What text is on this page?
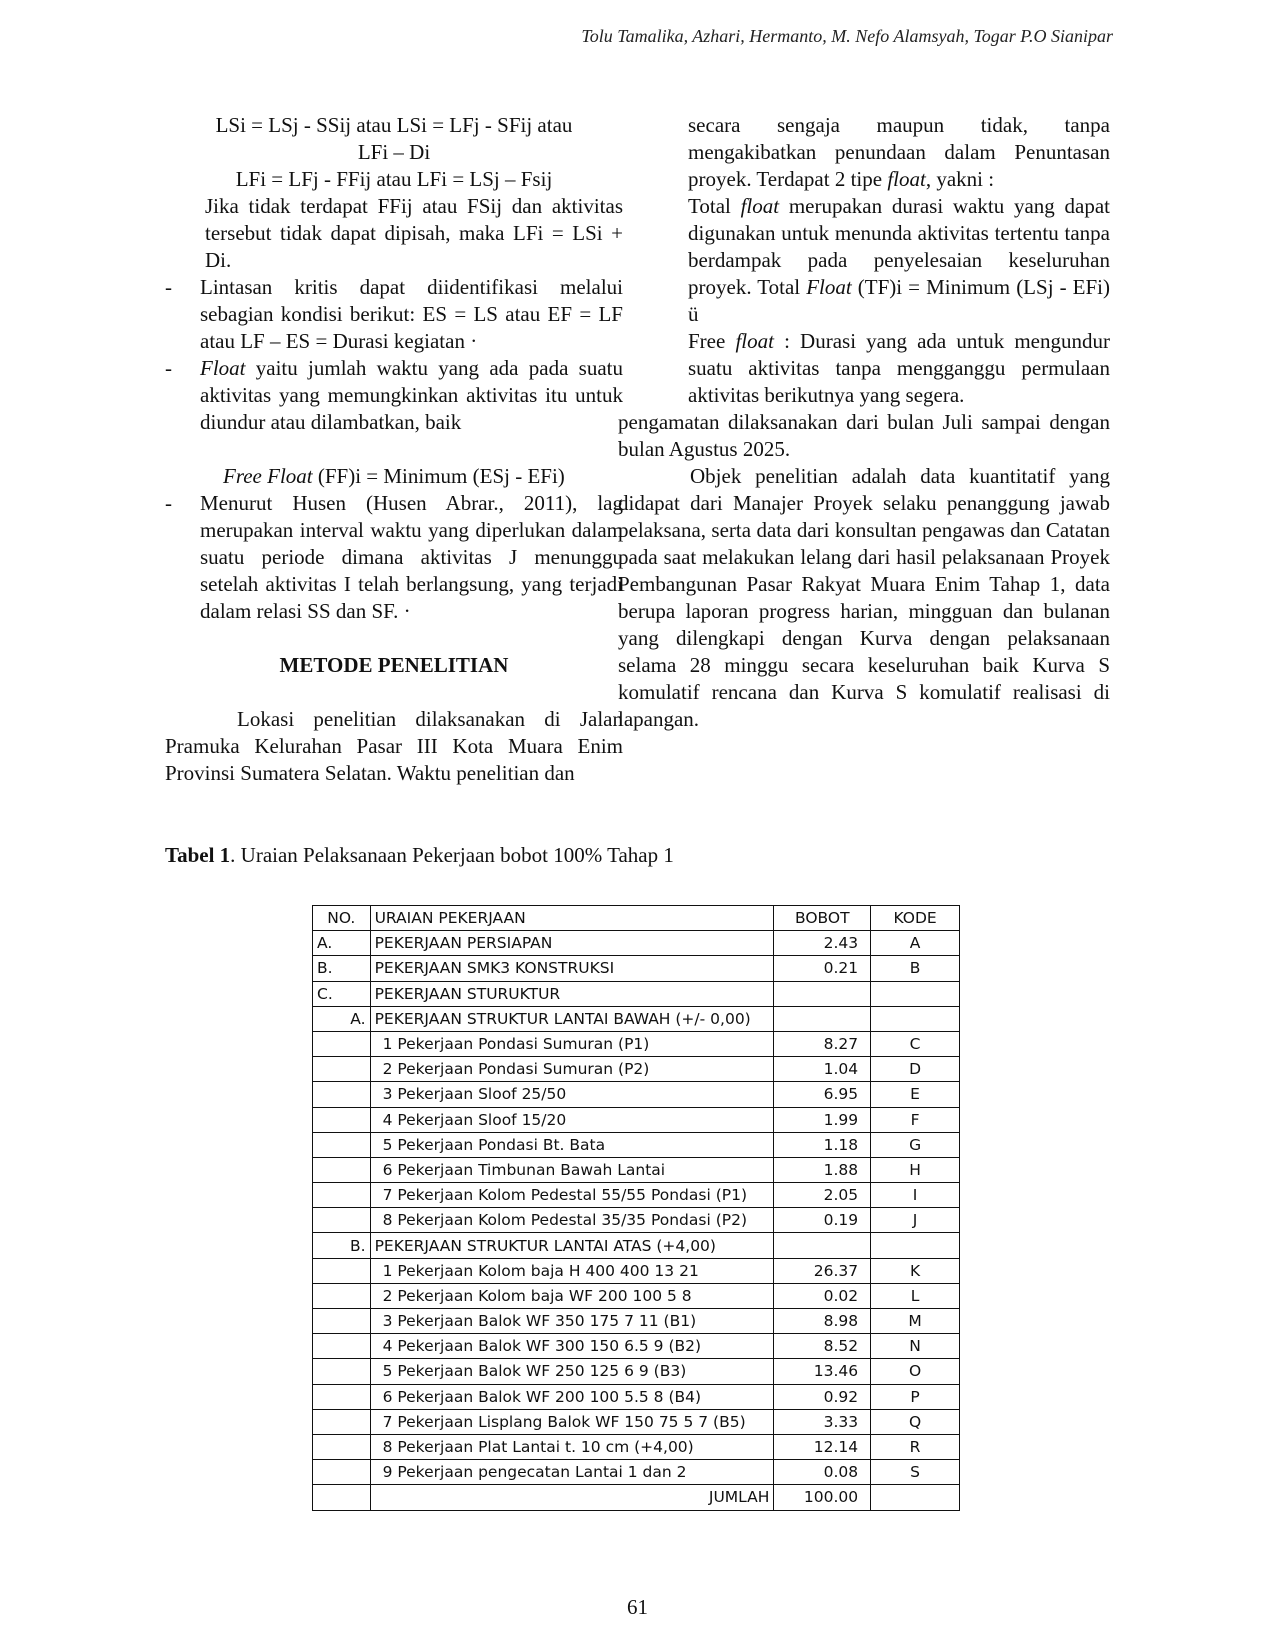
Tolu Tamalika, Azhari, Hermanto, M. Nefo Alamsyah, Togar P.O Sianipar
LSi = LSj - SSij atau LSi = LFj - SFij atau
LFi – Di
LFi = LFj - FFij atau LFi = LSj – Fsij
Jika tidak terdapat FFij atau FSij dan aktivitas tersebut tidak dapat dipisah, maka LFi = LSi + Di.
- Lintasan kritis dapat diidentifikasi melalui sebagian kondisi berikut: ES = LS atau EF = LF atau LF – ES = Durasi kegiatan ·
- Float yaitu jumlah waktu yang ada pada suatu aktivitas yang memungkinkan aktivitas itu untuk diundur atau dilambatkan, baik
Free Float (FF)i = Minimum (ESj - EFi)
- Menurut Husen (Husen Abrar., 2011), lag merupakan interval waktu yang diperlukan dalam suatu periode dimana aktivitas J menunggu setelah aktivitas I telah berlangsung, yang terjadi dalam relasi SS dan SF. ·
METODE PENELITIAN
Lokasi penelitian dilaksanakan di Jalan Pramuka Kelurahan Pasar III Kota Muara Enim Provinsi Sumatera Selatan. Waktu penelitian dan
secara sengaja maupun tidak, tanpa mengakibatkan penundaan dalam Penuntasan proyek. Terdapat 2 tipe float, yakni :
Total float merupakan durasi waktu yang dapat digunakan untuk menunda aktivitas tertentu tanpa berdampak pada penyelesaian keseluruhan proyek. Total Float (TF)i = Minimum (LSj - EFi) ü
Free float : Durasi yang ada untuk mengundur suatu aktivitas tanpa mengganggu permulaan aktivitas berikutnya yang segera.
pengamatan dilaksanakan dari bulan Juli sampai dengan bulan Agustus 2025.
Objek penelitian adalah data kuantitatif yang didapat dari Manajer Proyek selaku penanggung jawab pelaksana, serta data dari konsultan pengawas dan Catatan pada saat melakukan lelang dari hasil pelaksanaan Proyek Pembangunan Pasar Rakyat Muara Enim Tahap 1, data berupa laporan progress harian, mingguan dan bulanan yang dilengkapi dengan Kurva dengan pelaksanaan selama 28 minggu secara keseluruhan baik Kurva S komulatif rencana dan Kurva S komulatif realisasi di lapangan.
Tabel 1. Uraian Pelaksanaan Pekerjaan bobot 100% Tahap 1
NO.	URAIAN PEKERJAAN	BOBOT	KODE
A.	PEKERJAAN PERSIAPAN	2.43	A
B.	PEKERJAAN SMK3 KONSTRUKSI	0.21	B
C.	PEKERJAAN STURUKTUR		
A.	PEKERJAAN STRUKTUR LANTAI BAWAH (+/- 0,00)		
	1 Pekerjaan Pondasi Sumuran (P1)	8.27	C
	2 Pekerjaan Pondasi Sumuran (P2)	1.04	D
	3 Pekerjaan Sloof 25/50	6.95	E
	4 Pekerjaan Sloof 15/20	1.99	F
	5 Pekerjaan Pondasi Bt. Bata	1.18	G
	6 Pekerjaan Timbunan Bawah Lantai	1.88	H
	7 Pekerjaan Kolom Pedestal 55/55 Pondasi (P1)	2.05	I
	8 Pekerjaan Kolom Pedestal 35/35 Pondasi (P2)	0.19	J
B.	PEKERJAAN STRUKTUR LANTAI ATAS (+4,00)		
	1 Pekerjaan Kolom baja H 400 400 13 21	26.37	K
	2 Pekerjaan Kolom baja WF 200 100 5 8	0.02	L
	3 Pekerjaan Balok WF 350 175 7 11 (B1)	8.98	M
	4 Pekerjaan Balok WF 300 150 6.5 9 (B2)	8.52	N
	5 Pekerjaan Balok WF 250 125 6 9 (B3)	13.46	O
	6 Pekerjaan Balok WF 200 100 5.5 8 (B4)	0.92	P
	7 Pekerjaan Lisplang Balok WF 150 75 5 7 (B5)	3.33	Q
	8 Pekerjaan Plat Lantai t. 10 cm (+4,00)	12.14	R
	9 Pekerjaan pengecatan Lantai 1 dan 2	0.08	S
	JUMLAH	100.00	
61
